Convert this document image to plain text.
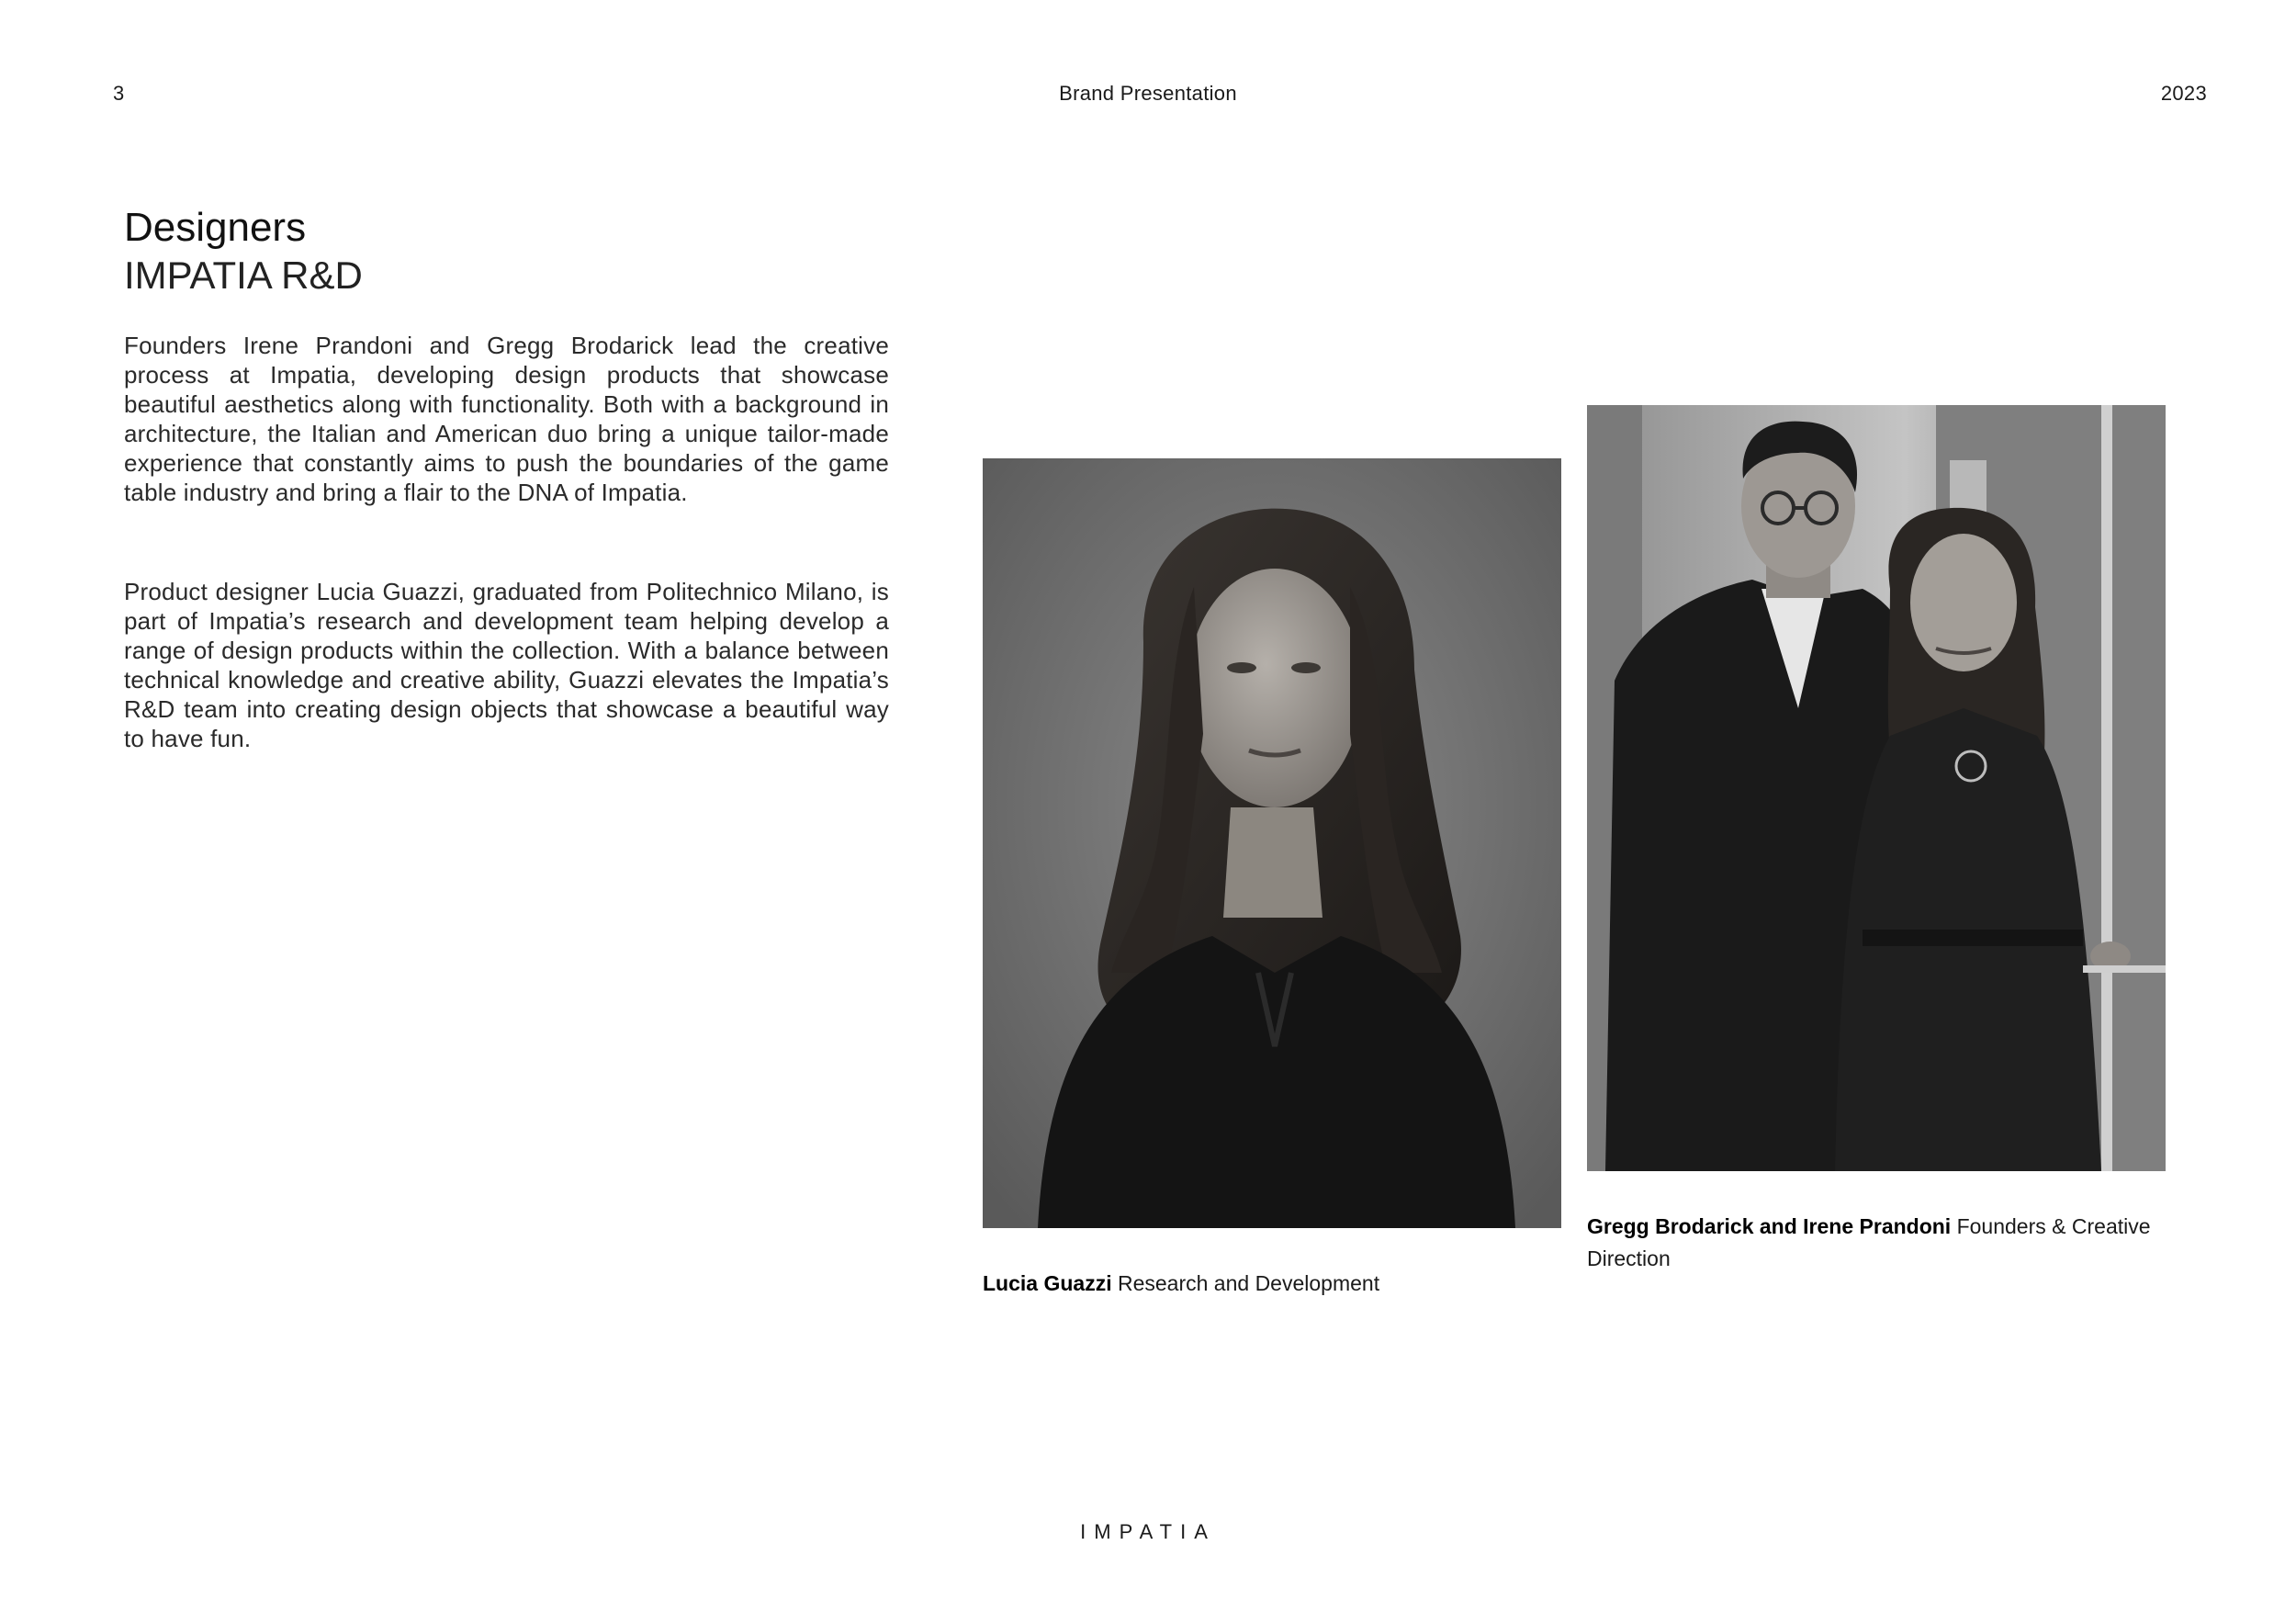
3	Brand Presentation	2023
Designers
IMPATIA R&D

Founders Irene Prandoni and Gregg Brodarick lead the creative process at Impatia, developing design products that showcase beautiful aesthetics along with functionality. Both with a background in architecture, the Italian and American duo bring a unique tailor-made experience that constantly aims to push the boundaries of the game table industry and bring a flair to the DNA of Impatia.

Product designer Lucia Guazzi, graduated from Politechnico Milano, is part of Impatia’s research and development team helping develop a range of design products within the collection. With a balance between technical knowledge and creative ability, Guazzi elevates the Impatia’s R&D team into creating design objects that showcase a beautiful way to have fun.

Lucia Guazzi Research and Development
Gregg Brodarick and Irene Prandoni Founders & Creative Direction
IMPATIA
